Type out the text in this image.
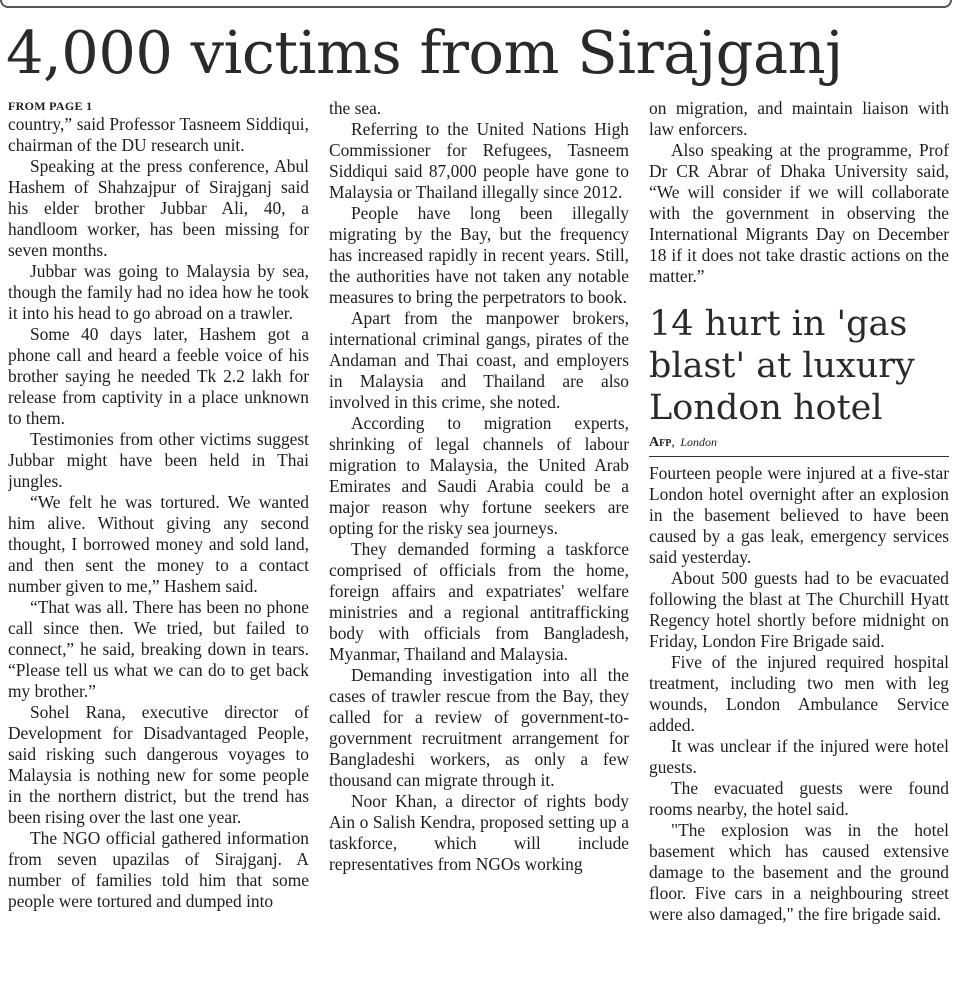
4,000 victims from Sirajganj
FROM PAGE 1

country,” said Professor Tasneem Siddiqui, chairman of the DU research unit.

Speaking at the press conference, Abul Hashem of Shahzajpur of Sirajganj said his elder brother Jubbar Ali, 40, a handloom worker, has been missing for seven months.

Jubbar was going to Malaysia by sea, though the family had no idea how he took it into his head to go abroad on a trawler.

Some 40 days later, Hashem got a phone call and heard a feeble voice of his brother saying he needed Tk 2.2 lakh for release from captivity in a place unknown to them.

Testimonies from other victims suggest Jubbar might have been held in Thai jungles.

“We felt he was tortured. We wanted him alive. Without giving any second thought, I borrowed money and sold land, and then sent the money to a contact number given to me,” Hashem said.

“That was all. There has been no phone call since then. We tried, but failed to connect,” he said, breaking down in tears. “Please tell us what we can do to get back my brother.”

Sohel Rana, executive director of Development for Disadvantaged People, said risking such dangerous voyages to Malaysia is nothing new for some people in the northern district, but the trend has been rising over the last one year.

The NGO official gathered information from seven upazilas of Sirajganj. A number of families told him that some people were tortured and dumped into

the sea.

Referring to the United Nations High Commissioner for Refugees, Tasneem Siddiqui said 87,000 people have gone to Malaysia or Thailand illegally since 2012.

People have long been illegally migrating by the Bay, but the frequency has increased rapidly in recent years. Still, the authorities have not taken any notable measures to bring the perpetrators to book.

Apart from the manpower brokers, international criminal gangs, pirates of the Andaman and Thai coast, and employers in Malaysia and Thailand are also involved in this crime, she noted.

According to migration experts, shrinking of legal channels of labour migration to Malaysia, the United Arab Emirates and Saudi Arabia could be a major reason why fortune seekers are opting for the risky sea journeys.

They demanded forming a taskforce comprised of officials from the home, foreign affairs and expatriates' welfare ministries and a regional antitrafficking body with officials from Bangladesh, Myanmar, Thailand and Malaysia.

Demanding investigation into all the cases of trawler rescue from the Bay, they called for a review of government-to-government recruitment arrangement for Bangladeshi workers, as only a few thousand can migrate through it.

Noor Khan, a director of rights body Ain o Salish Kendra, proposed setting up a taskforce, which will include representatives from NGOs working

on migration, and maintain liaison with law enforcers.

Also speaking at the programme, Prof Dr CR Abrar of Dhaka University said, “We will consider if we will collaborate with the government in observing the International Migrants Day on December 18 if it does not take drastic actions on the matter.”

14 hurt in 'gas blast' at luxury London hotel
Afp, London

Fourteen people were injured at a five-star London hotel overnight after an explosion in the basement believed to have been caused by a gas leak, emergency services said yesterday.

About 500 guests had to be evacuated following the blast at The Churchill Hyatt Regency hotel shortly before midnight on Friday, London Fire Brigade said.

Five of the injured required hospital treatment, including two men with leg wounds, London Ambulance Service added.

It was unclear if the injured were hotel guests.

The evacuated guests were found rooms nearby, the hotel said.

"The explosion was in the hotel basement which has caused extensive damage to the basement and the ground floor. Five cars in a neighbouring street were also damaged," the fire brigade said.
